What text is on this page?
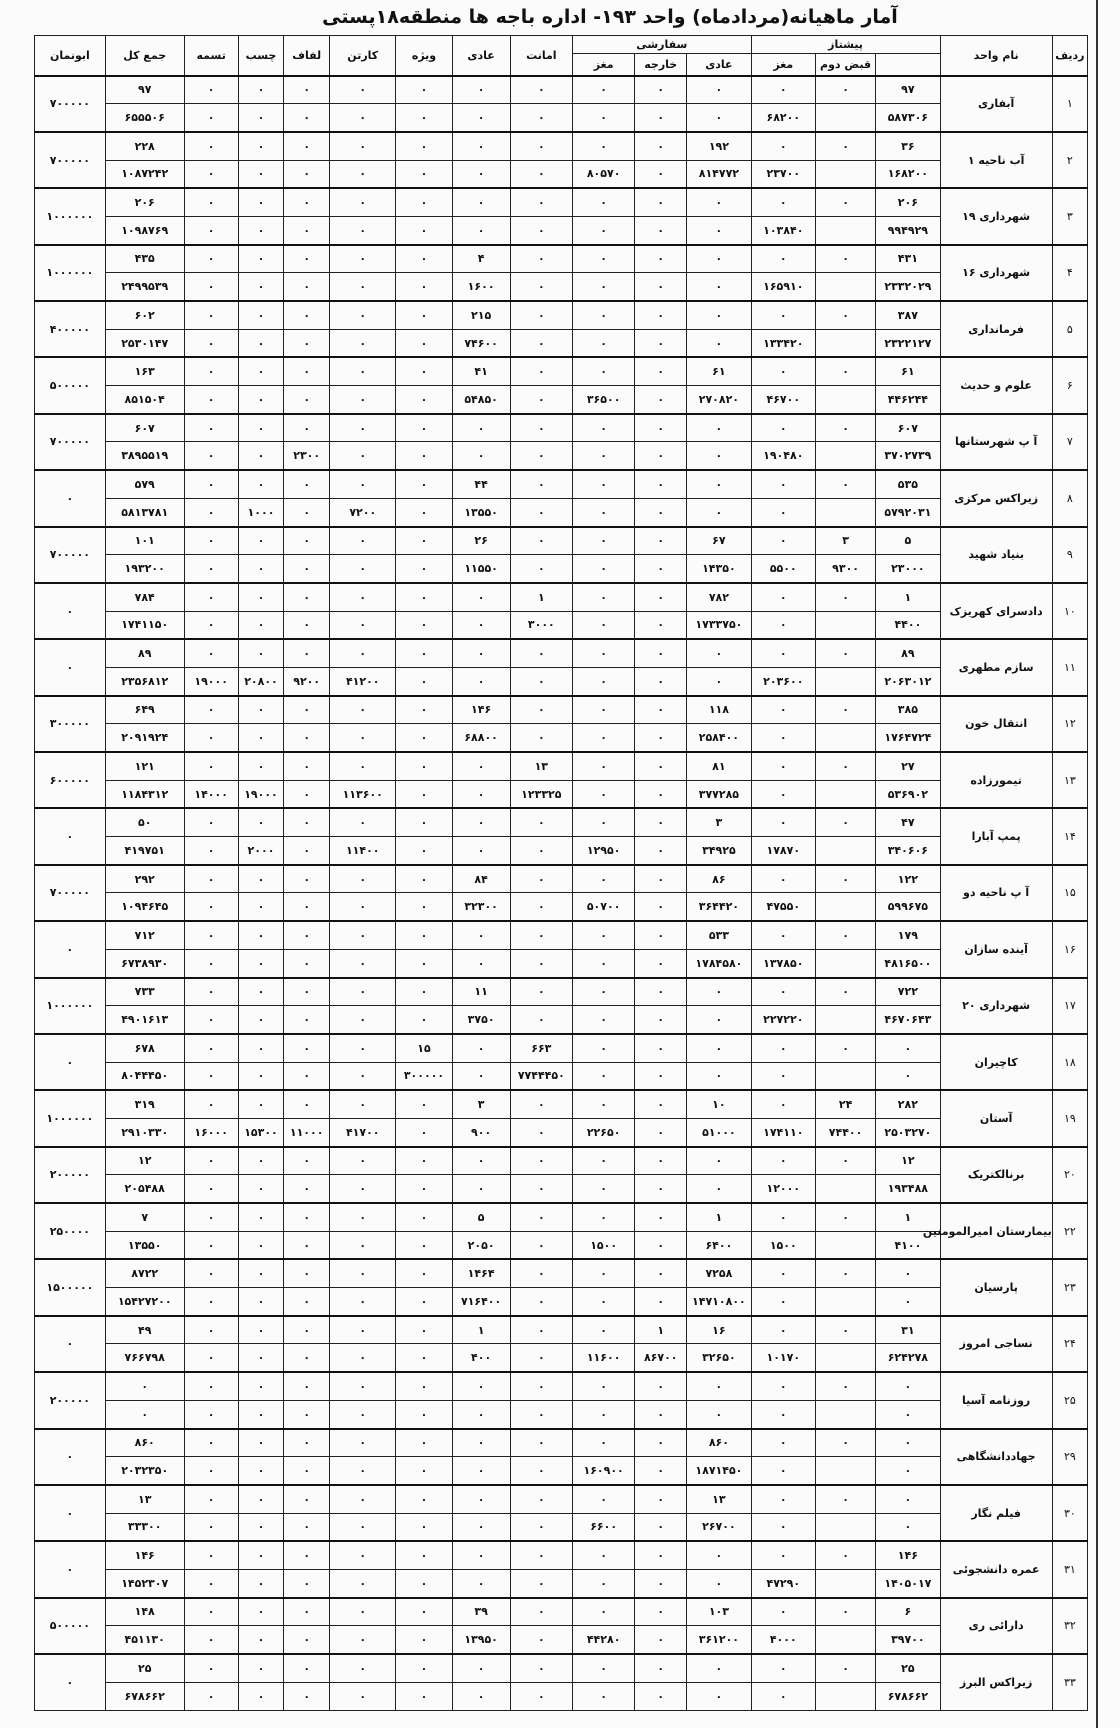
آمار ماهیانه(مردادماه) واحد ۱۹۳- اداره باجه ها منطقه۱۸پستی
ردیف	نام واحد	پیشتاز			سفارشی			امانت	عادی	ویژه	کارتن	لفاف	چسب	تسمه	جمع کل	ابونمان
			قبض دوم	مغز	عادی	خارجه	مغز									
۱	آبفاری	۹۷	۰	۰	۰	۰	۰	۰	۰	۰	۰	۰	۰	۰	۹۷	۷۰۰۰۰۰
		۵۸۷۳۰۶		۶۸۲۰۰	۰	۰	۰	۰	۰	۰	۰	۰	۰	۰	۶۵۵۵۰۶	
۲	آب ناحیه ۱	۳۶	۰	۰	۱۹۲	۰	۰	۰	۰	۰	۰	۰	۰	۰	۲۲۸	۷۰۰۰۰۰
		۱۶۸۲۰۰		۲۳۷۰۰	۸۱۴۷۷۲	۰	۸۰۵۷۰	۰	۰	۰	۰	۰	۰	۰	۱۰۸۷۲۴۲	
۳	شهرداری ۱۹	۲۰۶	۰	۰	۰	۰	۰	۰	۰	۰	۰	۰	۰	۰	۲۰۶	۱۰۰۰۰۰۰
		۹۹۴۹۲۹		۱۰۳۸۴۰	۰	۰	۰	۰	۰	۰	۰	۰	۰	۰	۱۰۹۸۷۶۹	
۴	شهرداری ۱۶	۴۳۱	۰	۰	۰	۰	۰	۰	۴	۰	۰	۰	۰	۰	۴۳۵	۱۰۰۰۰۰۰
		۲۳۳۲۰۲۹		۱۶۵۹۱۰	۰	۰	۰	۰	۱۶۰۰	۰	۰	۰	۰	۰	۲۴۹۹۵۳۹	
۵	فرمانداری	۳۸۷	۰	۰	۰	۰	۰	۰	۲۱۵	۰	۰	۰	۰	۰	۶۰۲	۴۰۰۰۰۰
		۲۳۲۲۱۲۷		۱۳۳۴۲۰	۰	۰	۰	۰	۷۴۶۰۰	۰	۰	۰	۰	۰	۲۵۳۰۱۴۷	
۶	علوم و حدیث	۶۱	۰	۰	۶۱	۰	۰	۰	۴۱	۰	۰	۰	۰	۰	۱۶۳	۵۰۰۰۰۰
		۴۴۶۲۴۴		۴۶۷۰۰	۲۷۰۸۲۰	۰	۳۶۵۰۰	۰	۵۴۸۵۰	۰	۰	۰	۰	۰	۸۵۱۵۰۴	
۷	آ پ شهرستانها	۶۰۷	۰	۰	۰	۰	۰	۰	۰	۰	۰	۰	۰	۰	۶۰۷	۷۰۰۰۰۰
		۳۷۰۲۷۳۹		۱۹۰۴۸۰	۰	۰	۰	۰	۰	۰	۰	۲۳۰۰	۰	۰	۳۸۹۵۵۱۹	
۸	زیراکس مرکزی	۵۳۵	۰	۰	۰	۰	۰	۰	۴۴	۰	۰	۰	۰	۰	۵۷۹	۰
		۵۷۹۲۰۳۱		۰	۰	۰	۰	۰	۱۳۵۵۰	۰	۷۲۰۰	۰	۱۰۰۰	۰	۵۸۱۳۷۸۱	
۹	بنیاد شهید	۵	۳	۰	۶۷	۰	۰	۰	۲۶	۰	۰	۰	۰	۰	۱۰۱	۷۰۰۰۰۰
		۲۳۰۰۰	۹۳۰۰	۵۵۰۰	۱۴۳۵۰	۰	۰	۰	۱۱۵۵۰	۰	۰	۰	۰	۰	۱۹۳۲۰۰	
۱۰	دادسرای کهریزک	۱	۰	۰	۷۸۲	۰	۰	۱	۰	۰	۰	۰	۰	۰	۷۸۴	۰
		۴۴۰۰		۰	۱۷۳۳۷۵۰	۰	۰	۳۰۰۰	۰	۰	۰	۰	۰	۰	۱۷۴۱۱۵۰	
۱۱	سازم مطهری	۸۹	۰	۰	۰	۰	۰	۰	۰	۰	۰	۰	۰	۰	۸۹	۰
		۲۰۶۳۰۱۲		۲۰۳۶۰۰	۰	۰	۰	۰	۰	۰	۴۱۲۰۰	۹۲۰۰	۲۰۸۰۰	۱۹۰۰۰	۲۳۵۶۸۱۲	
۱۲	انتقال خون	۳۸۵	۰	۰	۱۱۸	۰	۰	۰	۱۴۶	۰	۰	۰	۰	۰	۶۴۹	۳۰۰۰۰۰
		۱۷۶۴۷۲۴		۰	۲۵۸۴۰۰	۰	۰	۰	۶۸۸۰۰	۰	۰	۰	۰	۰	۲۰۹۱۹۲۴	
۱۳	تیمورزاده	۲۷	۰	۰	۸۱	۰	۰	۱۳	۰	۰	۰	۰	۰	۰	۱۲۱	۶۰۰۰۰۰
		۵۳۶۹۰۲		۰	۳۷۷۲۸۵	۰	۰	۱۲۳۳۲۵	۰	۰	۱۱۳۶۰۰	۰	۱۹۰۰۰	۱۴۰۰۰	۱۱۸۴۳۱۲	
۱۴	پمپ آبارا	۴۷	۰	۰	۳	۰	۰	۰	۰	۰	۰	۰	۰	۰	۵۰	۰
		۳۴۰۶۰۶		۱۷۸۷۰	۳۴۹۲۵	۰	۱۲۹۵۰	۰	۰	۰	۱۱۴۰۰	۰	۲۰۰۰	۰	۴۱۹۷۵۱	
۱۵	آ پ ناحیه دو	۱۲۲	۰	۰	۸۶	۰	۰	۰	۸۴	۰	۰	۰	۰	۰	۲۹۲	۷۰۰۰۰۰
		۵۹۹۶۷۵		۴۷۵۵۰	۳۶۴۴۲۰	۰	۵۰۷۰۰	۰	۳۲۳۰۰	۰	۰	۰	۰	۰	۱۰۹۴۶۴۵	
۱۶	آینده سازان	۱۷۹	۰	۰	۵۳۳	۰	۰	۰	۰	۰	۰	۰	۰	۰	۷۱۲	۰
		۴۸۱۶۵۰۰		۱۳۷۸۵۰	۱۷۸۴۵۸۰	۰	۰	۰	۰	۰	۰	۰	۰	۰	۶۷۳۸۹۳۰	
۱۷	شهرداری ۲۰	۷۲۲	۰	۰	۰	۰	۰	۰	۱۱	۰	۰	۰	۰	۰	۷۳۳	۱۰۰۰۰۰۰
		۴۶۷۰۶۴۳		۲۲۷۲۲۰	۰	۰	۰	۰	۳۷۵۰	۰	۰	۰	۰	۰	۴۹۰۱۶۱۳	
۱۸	کاچیران	۰	۰	۰	۰	۰	۰	۶۶۳	۰	۱۵	۰	۰	۰	۰	۶۷۸	۰
		۰		۰	۰	۰	۰	۷۷۴۴۴۵۰	۰	۳۰۰۰۰۰	۰	۰	۰	۰	۸۰۴۴۴۵۰	
۱۹	آستان	۲۸۲	۲۴	۰	۱۰	۰	۰	۰	۳	۰	۰	۰	۰	۰	۳۱۹	۱۰۰۰۰۰۰
		۲۵۰۳۲۷۰	۷۴۴۰۰	۱۷۴۱۱۰	۵۱۰۰۰	۰	۲۲۶۵۰	۰	۹۰۰	۰	۴۱۷۰۰	۱۱۰۰۰	۱۵۳۰۰	۱۶۰۰۰	۲۹۱۰۳۳۰	
۲۰	برنالکتریک	۱۲	۰	۰	۰	۰	۰	۰	۰	۰	۰	۰	۰	۰	۱۲	۲۰۰۰۰۰
		۱۹۳۴۸۸		۱۲۰۰۰	۰	۰	۰	۰	۰	۰	۰	۰	۰	۰	۲۰۵۴۸۸	
۲۲	بیمارستان امیرالمومنین	۱	۰	۰	۱	۰	۰	۰	۵	۰	۰	۰	۰	۰	۷	۲۵۰۰۰۰
		۴۱۰۰		۱۵۰۰	۶۴۰۰	۰	۱۵۰۰	۰	۲۰۵۰	۰	۰	۰	۰	۰	۱۳۵۵۰	
۲۳	پارسیان	۰	۰	۰	۷۲۵۸	۰	۰	۰	۱۴۶۴	۰	۰	۰	۰	۰	۸۷۲۲	۱۵۰۰۰۰۰
		۰		۰	۱۴۷۱۰۸۰۰	۰	۰	۰	۷۱۶۴۰۰	۰	۰	۰	۰	۰	۱۵۴۲۷۲۰۰	
۲۴	نساجی امروز	۳۱	۰	۰	۱۶	۱	۰	۰	۱	۰	۰	۰	۰	۰	۴۹	۰
		۶۲۴۲۷۸		۱۰۱۷۰	۳۲۶۵۰	۸۶۷۰۰	۱۱۶۰۰	۰	۴۰۰	۰	۰	۰	۰	۰	۷۶۶۷۹۸	
۲۵	روزنامه آسیا	۰	۰	۰	۰	۰	۰	۰	۰	۰	۰	۰	۰	۰	۰	۲۰۰۰۰۰
		۰		۰	۰	۰	۰	۰	۰	۰	۰	۰	۰	۰	۰	
۲۹	جهاددانشگاهی	۰	۰	۰	۸۶۰	۰	۰	۰	۰	۰	۰	۰	۰	۰	۸۶۰	۰
		۰		۰	۱۸۷۱۴۵۰	۰	۱۶۰۹۰۰	۰	۰	۰	۰	۰	۰	۰	۲۰۳۲۳۵۰	
۳۰	فیلم نگار	۰	۰	۰	۱۳	۰	۰	۰	۰	۰	۰	۰	۰	۰	۱۳	۰
		۰		۰	۲۶۷۰۰	۰	۶۶۰۰	۰	۰	۰	۰	۰	۰	۰	۳۳۳۰۰	
۳۱	عمره دانشجوئی	۱۴۶	۰	۰	۰	۰	۰	۰	۰	۰	۰	۰	۰	۰	۱۴۶	۰
		۱۴۰۵۰۱۷		۴۷۲۹۰	۰	۰	۰	۰	۰	۰	۰	۰	۰	۰	۱۴۵۲۳۰۷	
۳۲	دارائی ری	۶	۰	۰	۱۰۳	۰	۰	۰	۳۹	۰	۰	۰	۰	۰	۱۴۸	۵۰۰۰۰۰
		۳۹۷۰۰		۴۰۰۰	۳۶۱۲۰۰	۰	۴۴۲۸۰	۰	۱۳۹۵۰	۰	۰	۰	۰	۰	۴۵۱۱۳۰	
۳۳	زیراکس البرز	۲۵	۰	۰	۰	۰	۰	۰	۰	۰	۰	۰	۰	۰	۲۵	۰
		۶۷۸۶۶۲		۰	۰	۰	۰	۰	۰	۰	۰	۰	۰	۰	۶۷۸۶۶۲	
